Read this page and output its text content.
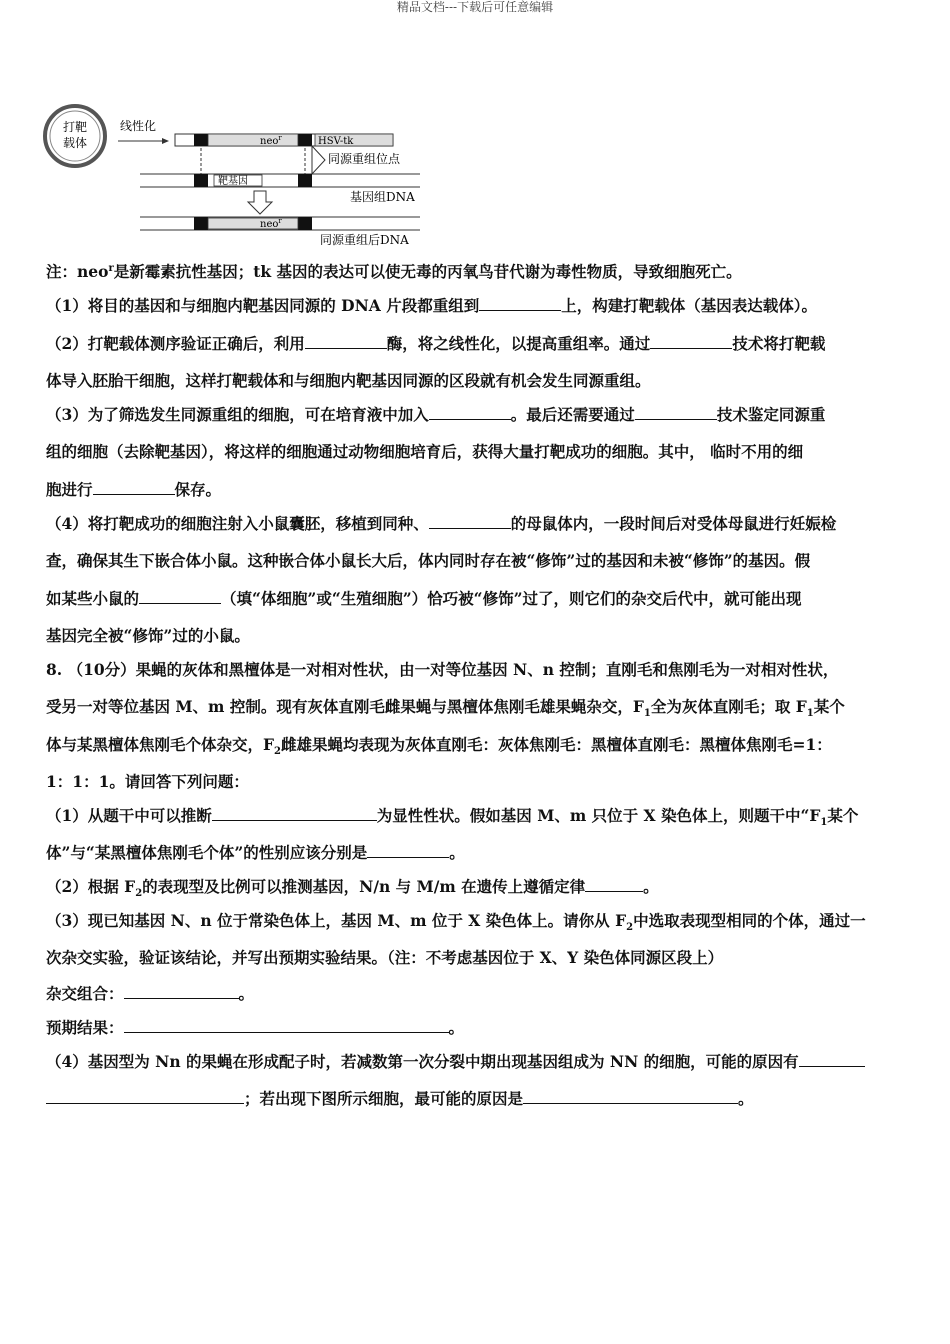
精品文档---下载后可任意编辑
打靶
载体
线性化
neo$^r$	HSV-tk
同源重组位点
靶基因
基因组DNA
neo$^r$
同源重组后DNA
注：neo$^r$是新霉素抗性基因；tk 基因的表达可以使无毒的丙氧鸟苷代谢为毒性物质，导致细胞死亡。
（1）将目的基因和与细胞内靶基因同源的 DNA 片段都重组到	上，构建打靶载体（基因表达载体）。
（2）打靶载体测序验证正确后，利用	酶，将之线性化，以提高重组率。通过	技术将打靶载
体导入胚胎干细胞，这样打靶载体和与细胞内靶基因同源的区段就有机会发生同源重组。
（3）为了筛选发生同源重组的细胞，可在培育液中加入	。最后还需要通过	技术鉴定同源重
组的细胞（去除靶基因），将这样的细胞通过动物细胞培育后，获得大量打靶成功的细胞。其中， 临时不用的细
胞进行	保存。
（4）将打靶成功的细胞注射入小鼠囊胚，移植到同种、	的母鼠体内，一段时间后对受体母鼠进行妊娠检
查，确保其生下嵌合体小鼠。这种嵌合体小鼠长大后，体内同时存在被“修饰”过的基因和未被“修饰”的基因。假
如某些小鼠的	（填“体细胞”或“生殖细胞”）恰巧被“修饰”过了，则它们的杂交后代中，就可能出现
基因完全被“修饰”过的小鼠。
8. （10分）果蝇的灰体和黑檀体是一对相对性状，由一对等位基因 N、n 控制；直刚毛和焦刚毛为一对相对性状，
受另一对等位基因 M、m 控制。现有灰体直刚毛雌果蝇与黑檀体焦刚毛雄果蝇杂交，$F_1$全为灰体直刚毛；取 $F_1$某个
体与某黑檀体焦刚毛个体杂交，$F_2$雌雄果蝇均表现为灰体直刚毛：灰体焦刚毛：黑檀体直刚毛：黑檀体焦刚毛=1：
1：1：1。请回答下列问题：
（1）从题干中可以推断	为显性性状。假如基因 M、m 只位于 X 染色体上，则题干中“$F_1$某个
体”与“某黑檀体焦刚毛个体”的性别应该分别是	。
（2）根据 $F_2$的表现型及比例可以推测基因，N/n 与 M/m 在遗传上遵循定律	。
（3）现已知基因 N、n 位于常染色体上，基因 M、m 位于 X 染色体上。请你从 $F_2$中选取表现型相同的个体，通过一
次杂交实验，验证该结论，并写出预期实验结果。（注：不考虑基因位于 X、Y 染色体同源区段上）
杂交组合：	。
预期结果：	。
（4）基因型为 Nn 的果蝇在形成配子时，若减数第一次分裂中期出现基因组成为 NN 的细胞，可能的原因有
；若出现下图所示细胞，最可能的原因是	。
